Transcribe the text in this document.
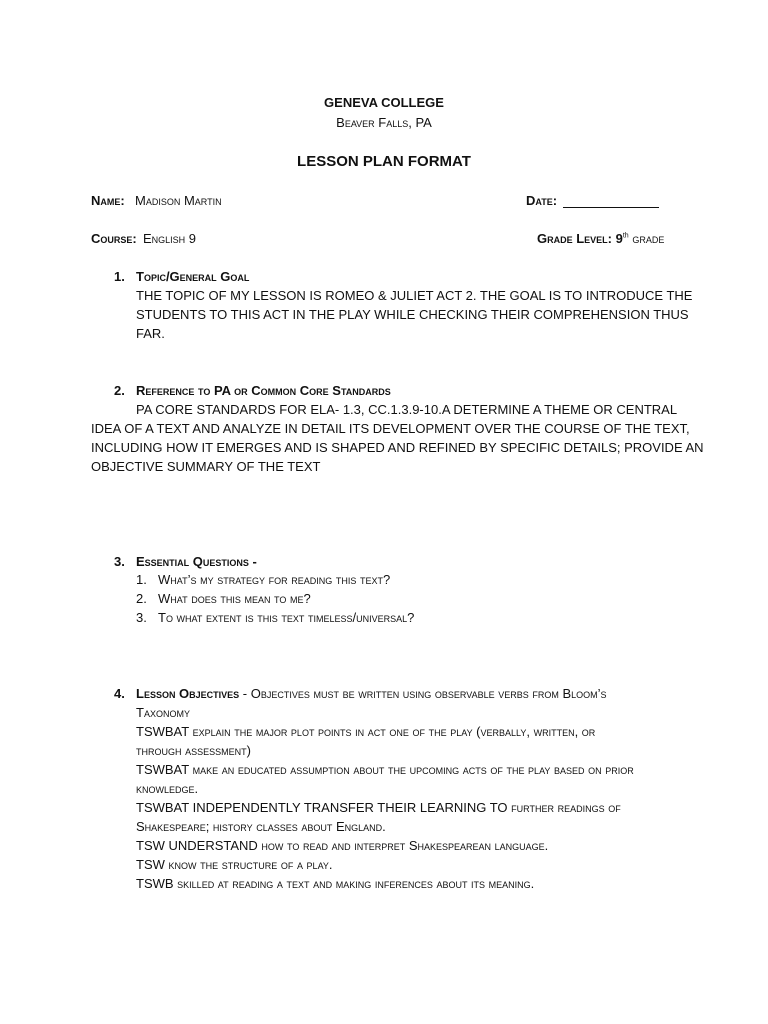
GENEVA COLLEGE
Beaver Falls, PA
LESSON PLAN FORMAT
Name: Madison Martin	Date:
Course: English 9	Grade Level: 9th grade
1. Topic/General Goal
THE TOPIC OF MY LESSON IS ROMEO & JULIET ACT 2. THE GOAL IS TO INTRODUCE THE
STUDENTS TO THIS ACT IN THE PLAY WHILE CHECKING THEIR COMPREHENSION THUS
FAR.
2. Reference to PA or Common Core Standards
PA CORE STANDARDS FOR ELA- 1.3, CC.1.3.9-10.A DETERMINE A THEME OR CENTRAL
IDEA OF A TEXT AND ANALYZE IN DETAIL ITS DEVELOPMENT OVER THE COURSE OF THE TEXT,
INCLUDING HOW IT EMERGES AND IS SHAPED AND REFINED BY SPECIFIC DETAILS; PROVIDE AN
OBJECTIVE SUMMARY OF THE TEXT
3. Essential Questions -
1. What’s my strategy for reading this text?
2. What does this mean to me?
3. To what extent is this text timeless/universal?
4. Lesson Objectives - Objectives must be written using observable verbs from Bloom’s
Taxonomy
TSWBAT explain the major plot points in act one of the play (verbally, written, or
through assessment)
TSWBAT make an educated assumption about the upcoming acts of the play based on prior
knowledge.
TSWBAT INDEPENDENTLY TRANSFER THEIR LEARNING TO further readings of
Shakespeare; history classes about England.
TSW UNDERSTAND how to read and interpret Shakespearean language.
TSW know the structure of a play.
TSWB skilled at reading a text and making inferences about its meaning.
